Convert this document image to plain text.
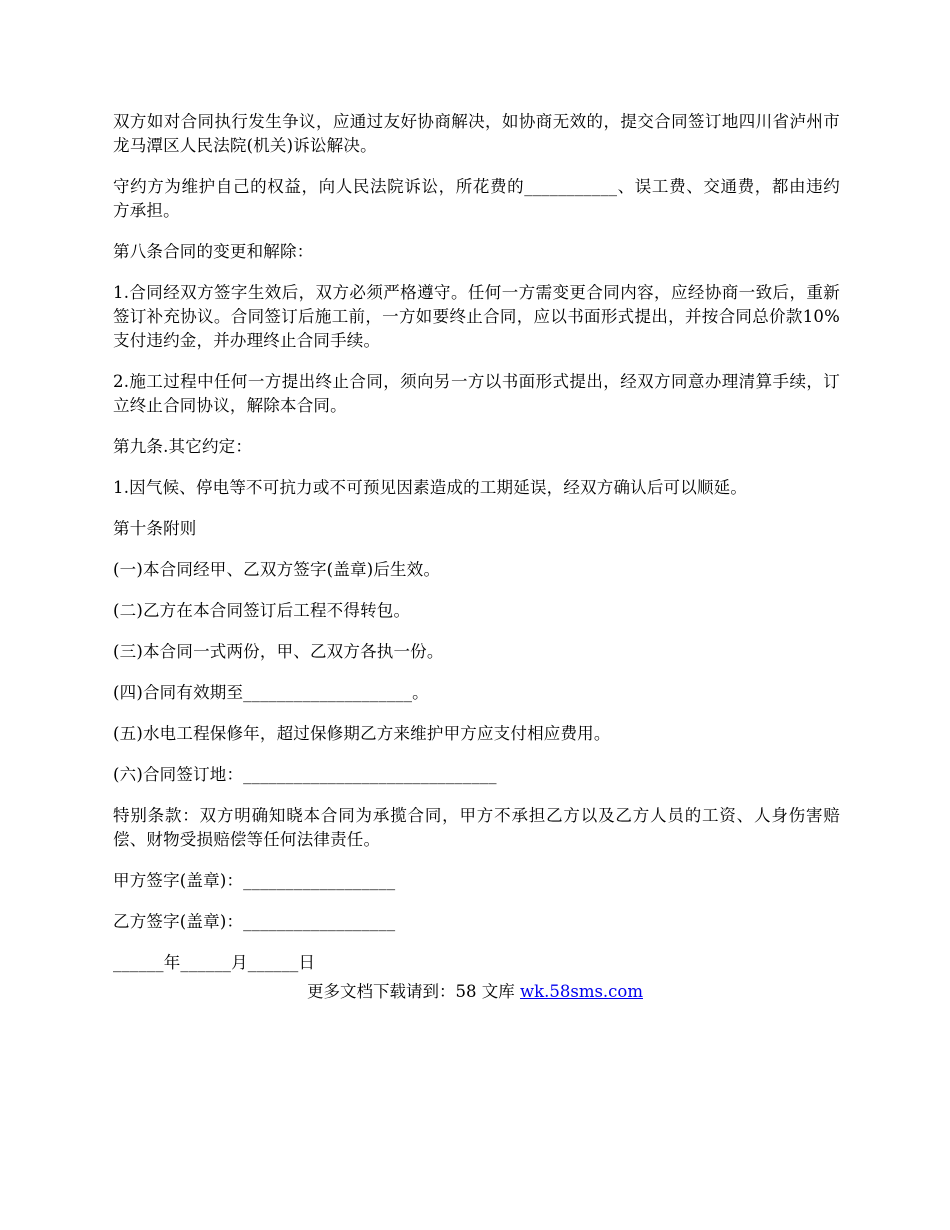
双方如对合同执行发生争议，应通过友好协商解决，如协商无效的，提交合同签订地四川省泸州市龙马潭区人民法院(机关)诉讼解决。

守约方为维护自己的权益，向人民法院诉讼，所花费的___________、误工费、交通费，都由违约方承担。

第八条合同的变更和解除：

1.合同经双方签字生效后，双方必须严格遵守。任何一方需变更合同内容，应经协商一致后，重新签订补充协议。合同签订后施工前，一方如要终止合同，应以书面形式提出，并按合同总价款10%支付违约金，并办理终止合同手续。

2.施工过程中任何一方提出终止合同，须向另一方以书面形式提出，经双方同意办理清算手续，订立终止合同协议，解除本合同。

第九条.其它约定：

1.因气候、停电等不可抗力或不可预见因素造成的工期延误，经双方确认后可以顺延。

第十条附则

(一)本合同经甲、乙双方签字(盖章)后生效。

(二)乙方在本合同签订后工程不得转包。

(三)本合同一式两份，甲、乙双方各执一份。

(四)合同有效期至____________________。

(五)水电工程保修年，超过保修期乙方来维护甲方应支付相应费用。

(六)合同签订地：______________________________

特别条款：双方明确知晓本合同为承揽合同，甲方不承担乙方以及乙方人员的工资、人身伤害赔偿、财物受损赔偿等任何法律责任。

甲方签字(盖章)：__________________

乙方签字(盖章)：__________________

______年______月______日

更多文档下载请到：58 文库 wk.58sms.com
